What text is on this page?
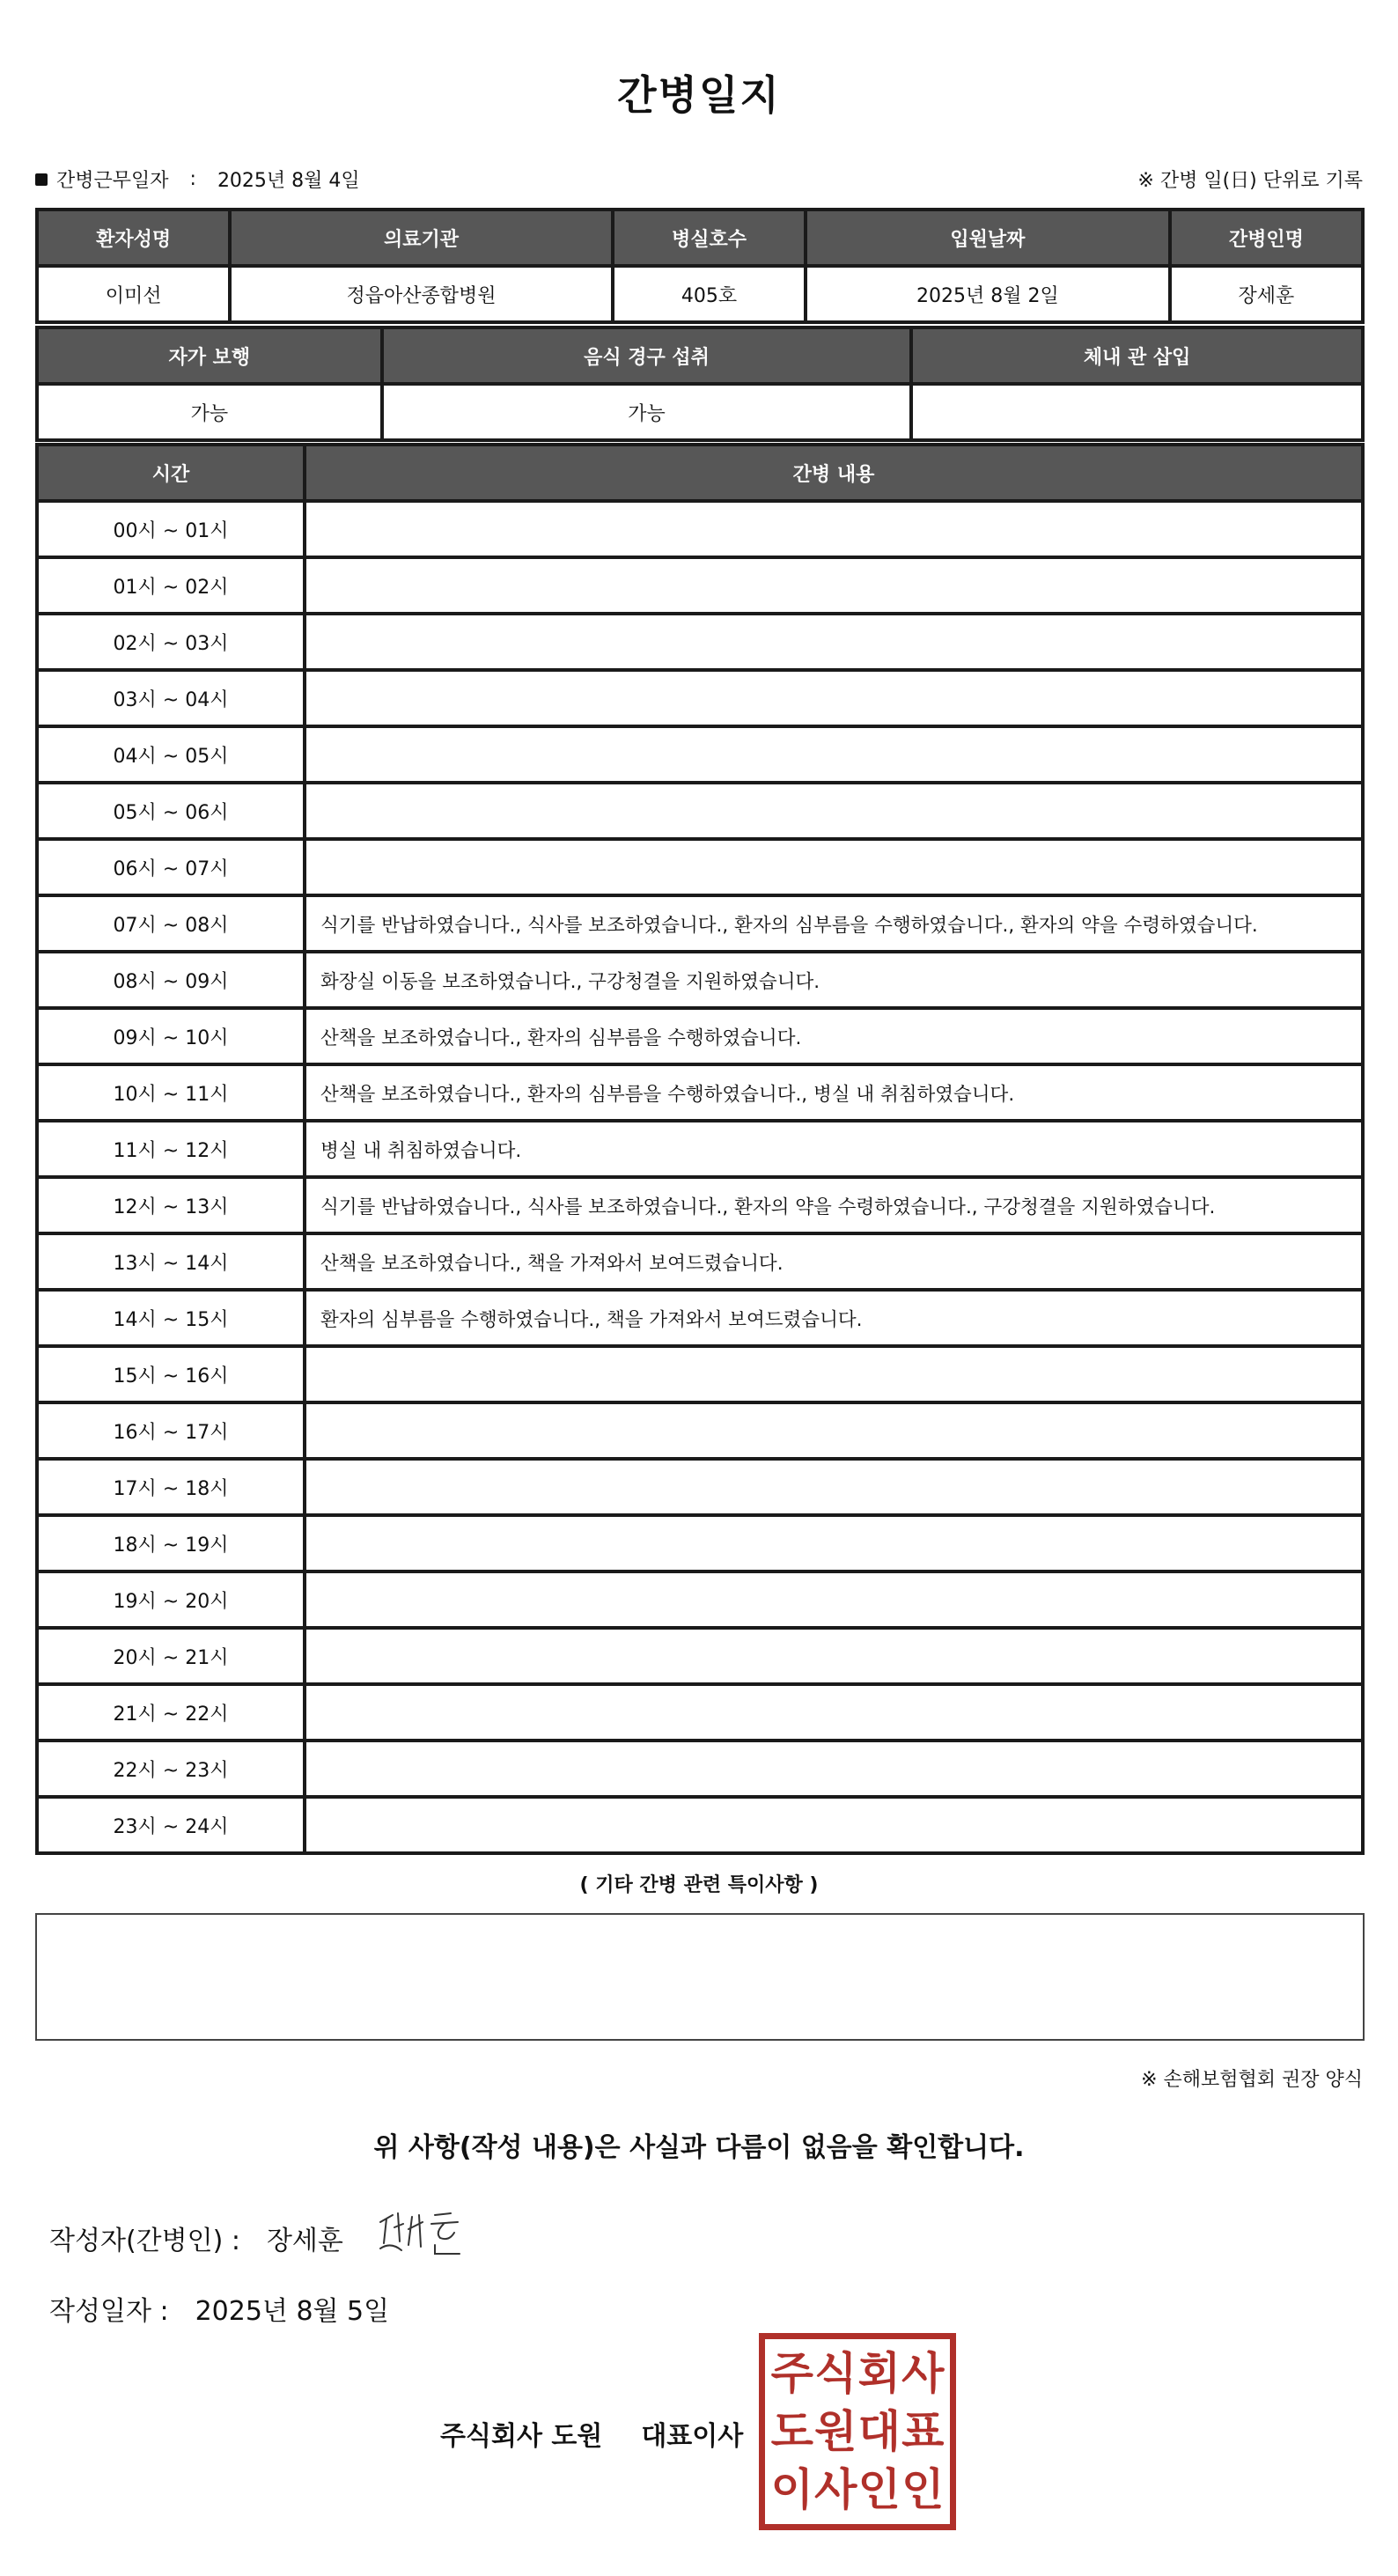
간병일지
간병근무일자 : 2025년 8월 4일	※ 간병 일(日) 단위로 기록
환자성명	의료기관	병실호수	입원날짜	간병인명
이미선	정읍아산종합병원	405호	2025년 8월 2일	장세훈
자가 보행	음식 경구 섭취	체내 관 삽입
가능	가능	
시간	간병 내용
00시 ~ 01시	
01시 ~ 02시	
02시 ~ 03시	
03시 ~ 04시	
04시 ~ 05시	
05시 ~ 06시	
06시 ~ 07시	
07시 ~ 08시	식기를 반납하였습니다., 식사를 보조하였습니다., 환자의 심부름을 수행하였습니다., 환자의 약을 수령하였습니다.
08시 ~ 09시	화장실 이동을 보조하였습니다., 구강청결을 지원하였습니다.
09시 ~ 10시	산책을 보조하였습니다., 환자의 심부름을 수행하였습니다.
10시 ~ 11시	산책을 보조하였습니다., 환자의 심부름을 수행하였습니다., 병실 내 취침하였습니다.
11시 ~ 12시	병실 내 취침하였습니다.
12시 ~ 13시	식기를 반납하였습니다., 식사를 보조하였습니다., 환자의 약을 수령하였습니다., 구강청결을 지원하였습니다.
13시 ~ 14시	산책을 보조하였습니다., 책을 가져와서 보여드렸습니다.
14시 ~ 15시	환자의 심부름을 수행하였습니다., 책을 가져와서 보여드렸습니다.
15시 ~ 16시	
16시 ~ 17시	
17시 ~ 18시	
18시 ~ 19시	
19시 ~ 20시	
20시 ~ 21시	
21시 ~ 22시	
22시 ~ 23시	
23시 ~ 24시	
( 기타 간병 관련 특이사항 )
※ 손해보험협회 권장 양식
위 사항(작성 내용)은 사실과 다름이 없음을 확인합니다.
작성자(간병인) : 장세훈
작성일자 : 2025년 8월 5일
주식회사 도원 대표이사
주 식 회 사
도 원 대 표
이 사 인 인
